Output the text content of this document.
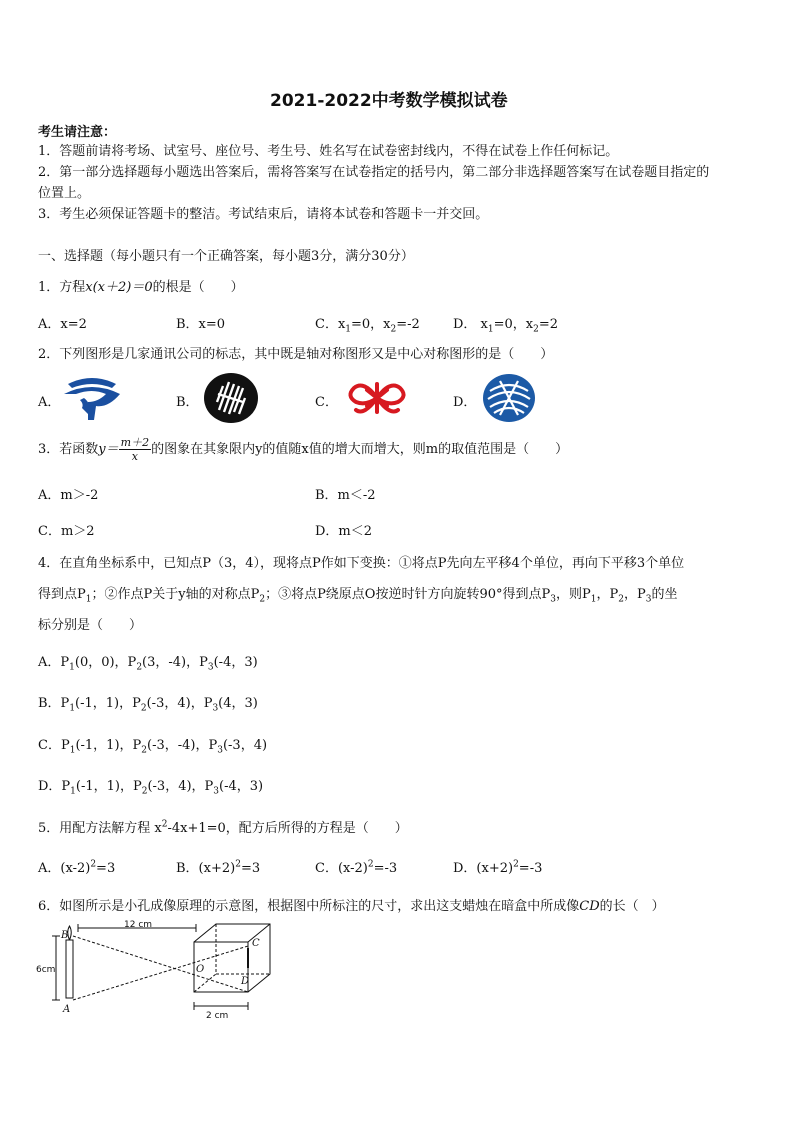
2021-2022中考数学模拟试卷
考生请注意：
1．答题前请将考场、试室号、座位号、考生号、姓名写在试卷密封线内，不得在试卷上作任何标记。
2．第一部分选择题每小题选出答案后，需将答案写在试卷指定的括号内，第二部分非选择题答案写在试卷题目指定的
位置上。
3．考生必须保证答题卡的整洁。考试结束后，请将本试卷和答题卡一并交回。
一、选择题（每小题只有一个正确答案，每小题3分，满分30分）
1．方程x(x＋2)＝0的根是（　　）
A．x=2	B．x=0	C．$x_1=0$，$x_2=-2$	D． $x_1=0$，$x_2=2$
2．下列图形是几家通讯公司的标志，其中既是轴对称图形又是中心对称图形的是（　　）
A．	B．	C．	D．
3．若函数$y= \frac{m+2}{x}$ 的图象在其象限内y的值随x值的增大而增大，则m的取值范围是（　　）
A．m＞-2	B．m＜-2
C．m＞2	D．m＜2
4．在直角坐标系中，已知点P（3，4），现将点P作如下变换：①将点P先向左平移4个单位，再向下平移3个单位
得到点$P_1$；②作点P关于y轴的对称点$P_2$；③将点P绕原点O按逆时针方向旋转90°得到点$P_3$，则$P_1$，$P_2$，$P_3$的坐
标分别是（　　）
A．$P_1(0$，0)，$P_2(3$，-4)，$P_3(-4$，3)
B．$P_1(-1$，1)，$P_2(-3$，4)，$P_3(4$，3)
C．$P_1(-1$，1)，$P_2(-3$，-4)，$P_3(-3$，4)
D．$P_1(-1$，1)，$P_2(-3$，4)，$P_3(-4$，3)
5．用配方法解方程 $x^2-4x+1=0$，配方后所得的方程是（　　）
A．$(x-2)^2=3$	B．$(x+2)^2=3$	C．$(x-2)^2=-3$	D．$(x+2)^2=-3$
6．如图所示是小孔成像原理的示意图，根据图中所标注的尺寸，求出这支蜡烛在暗盒中所成像CD的长（　）
B
A
O
C
D
12 cm
6cm
2 cm
